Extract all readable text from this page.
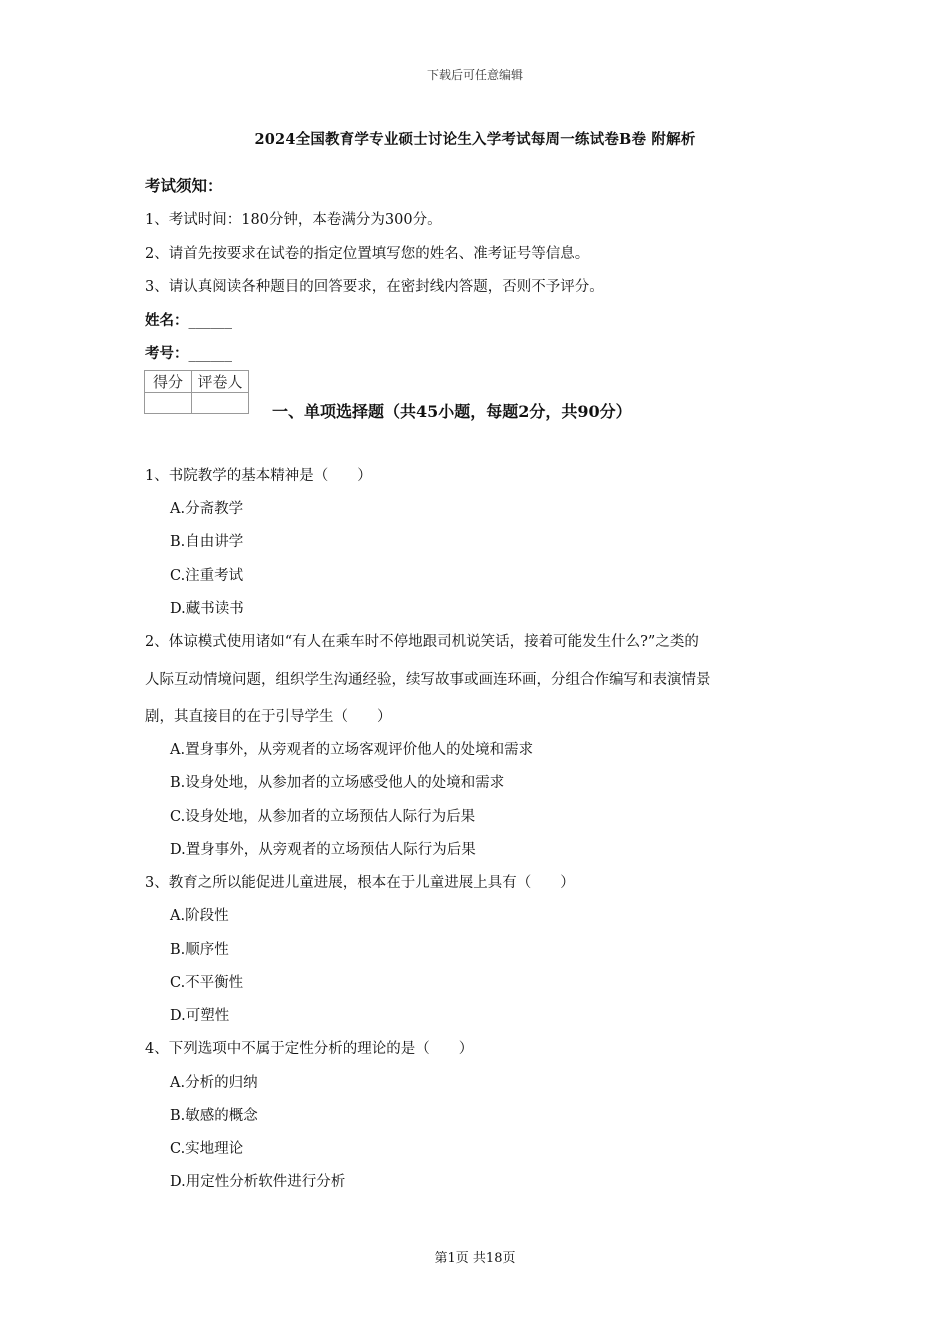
下载后可任意编辑
2024全国教育学专业硕士讨论生入学考试每周一练试卷B卷 附解析
考试须知：
1、考试时间：180分钟，本卷满分为300分。
2、请首先按要求在试卷的指定位置填写您的姓名、准考证号等信息。
3、请认真阅读各种题目的回答要求，在密封线内答题，否则不予评分。
姓名：______
考号：______
得分	评卷人

一、单项选择题（共45小题，每题2分，共90分）
1、书院教学的基本精神是（　　）
A.分斋教学
B.自由讲学
C.注重考试
D.藏书读书
2、体谅模式使用诸如“有人在乘车时不停地跟司机说笑话，接着可能发生什么?”之类的
人际互动情境问题，组织学生沟通经验，续写故事或画连环画，分组合作编写和表演情景
剧，其直接目的在于引导学生（　　）
A.置身事外，从旁观者的立场客观评价他人的处境和需求
B.设身处地，从参加者的立场感受他人的处境和需求
C.设身处地，从参加者的立场预估人际行为后果
D.置身事外，从旁观者的立场预估人际行为后果
3、教育之所以能促进儿童进展，根本在于儿童进展上具有（　　）
A.阶段性
B.顺序性
C.不平衡性
D.可塑性
4、下列选项中不属于定性分析的理论的是（　　）
A.分析的归纳
B.敏感的概念
C.实地理论
D.用定性分析软件进行分析
第1页 共18页
